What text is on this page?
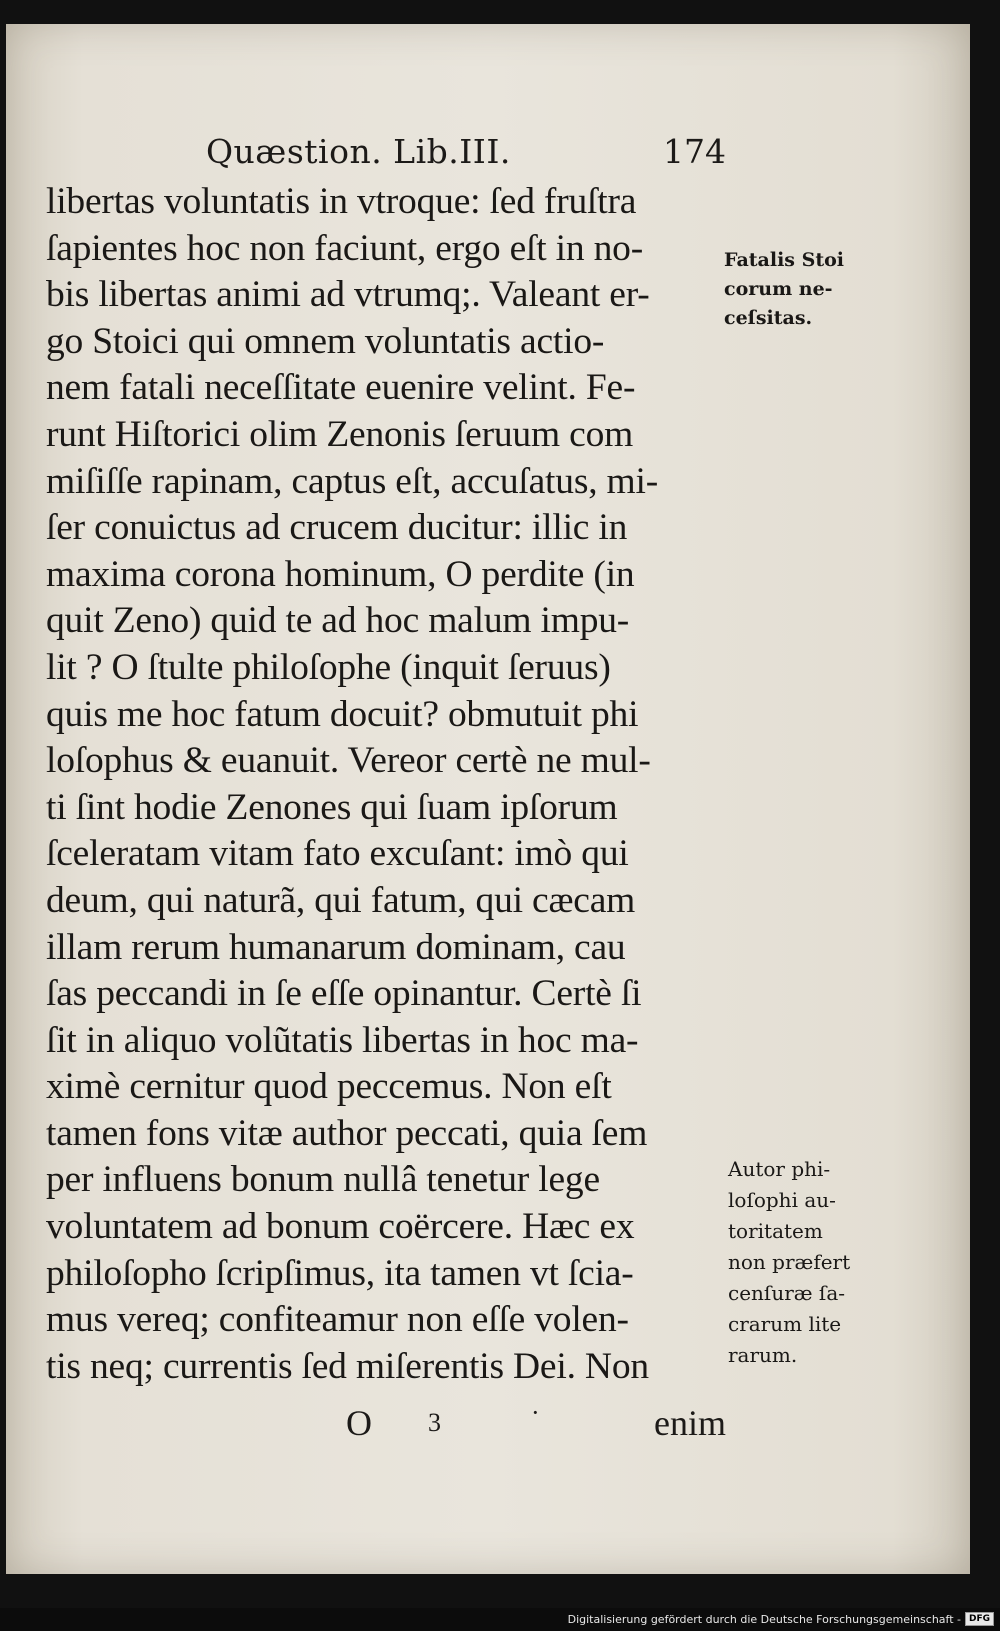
Quæstion. Lib.III.	174
libertas voluntatis in vtroque: ſed fruſtra
ſapientes hoc non faciunt, ergo eſt in no-
bis libertas animi ad vtrumq;. Valeant er-
go Stoici qui omnem voluntatis actio-
nem fatali neceſſitate euenire velint. Fe-
runt Hiſtorici olim Zenonis ſeruum com
miſiſſe rapinam, captus eſt, accuſatus, mi-
ſer conuictus ad crucem ducitur: illic in
maxima corona hominum, O perdite (in
quit Zeno) quid te ad hoc malum impu-
lit ? O ſtulte philoſophe (inquit ſeruus)
quis me hoc fatum docuit? obmutuit phi
loſophus & euanuit. Vereor certè ne mul-
ti ſint hodie Zenones qui ſuam ipſorum
ſceleratam vitam fato excuſant: imò qui
deum, qui naturã, qui fatum, qui cæcam
illam rerum humanarum dominam, cau
ſas peccandi in ſe eſſe opinantur. Certè ſi
ſit in aliquo volũtatis libertas in hoc ma-
ximè cernitur quod peccemus. Non eſt
tamen fons vitæ author peccati, quia ſem
per influens bonum nullâ tenetur lege
voluntatem ad bonum coërcere. Hæc ex
philoſopho ſcripſimus, ita tamen vt ſcia-
mus vereq; confiteamur non eſſe volen-
tis neq; currentis ſed miſerentis Dei. Non
Fatalis Stoi
corum ne-
ceſsitas.
Autor phi-
loſophi au-
toritatem
non præfert
cenſuræ ſa-
crarum lite
rarum.
O 3	·	enim
Digitalisierung gefördert durch die Deutsche Forschungsgemeinschaft - DFG
